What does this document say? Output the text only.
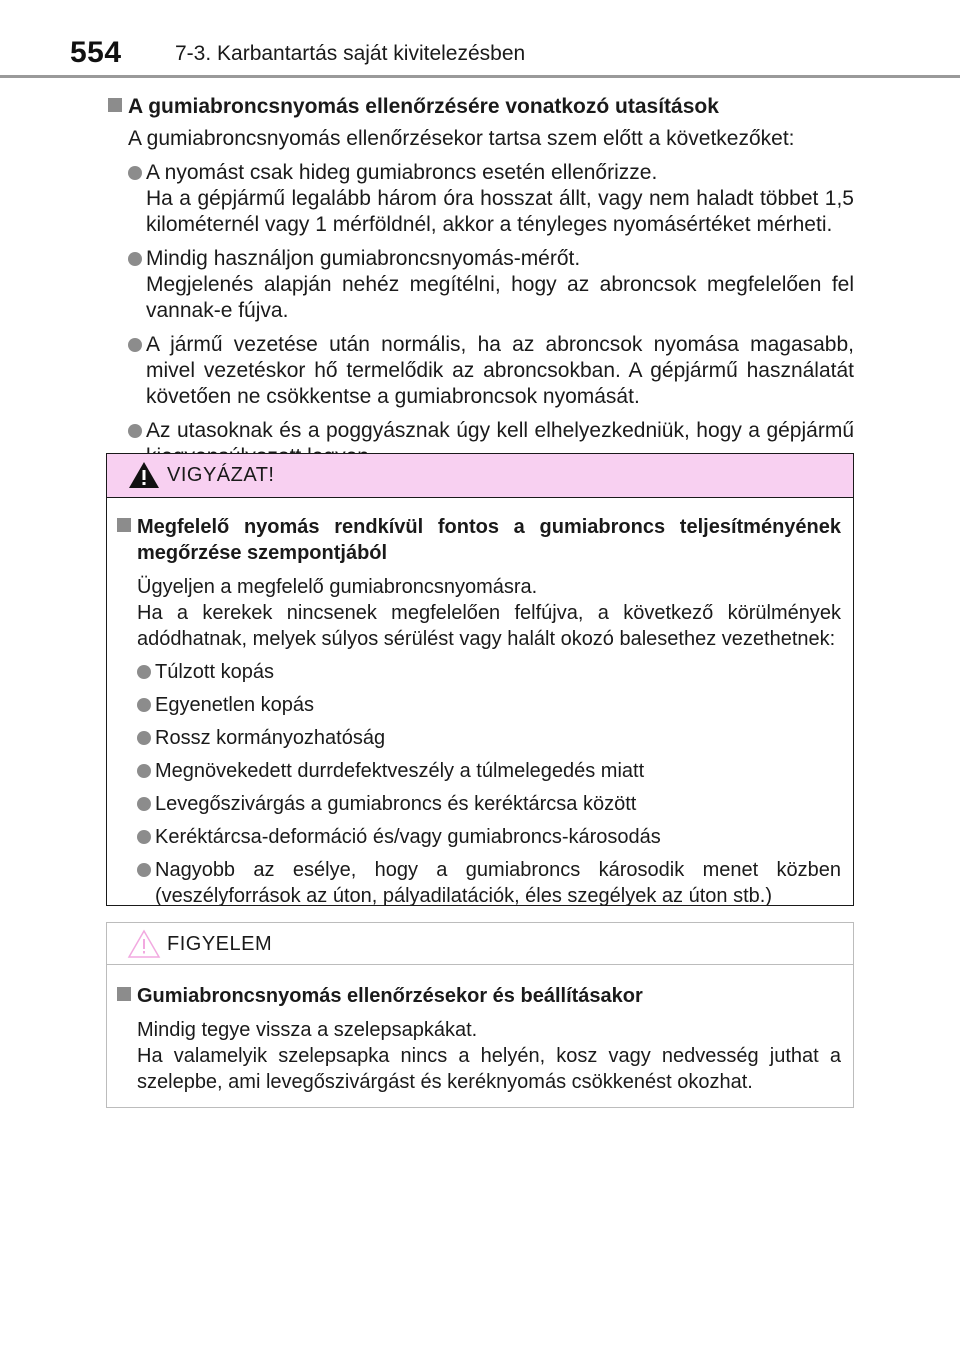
554	7-3. Karbantartás saját kivitelezésben
A gumiabroncsnyomás ellenőrzésére vonatkozó utasítások
A gumiabroncsnyomás ellenőrzésekor tartsa szem előtt a következőket:
A nyomást csak hideg gumiabroncs esetén ellenőrizze.
Ha a gépjármű legalább három óra hosszat állt, vagy nem haladt többet 1,5 kilométernél vagy 1 mérföldnél, akkor a tényleges nyomásértéket mérheti.
Mindig használjon gumiabroncsnyomás-mérőt.
Megjelenés alapján nehéz megítélni, hogy az abroncsok megfelelően fel vannak-e fújva.
A jármű vezetése után normális, ha az abroncsok nyomása magasabb, mivel vezetéskor hő termelődik az abroncsokban. A gépjármű használatát követően ne csökkentse a gumiabroncsok nyomását.
Az utasoknak és a poggyásznak úgy kell elhelyezkedniük, hogy a gépjármű
VIGYÁZAT!
Megfelelő nyomás rendkívül fontos a gumiabroncs teljesítményének
megőrzése szempontjából
Ügyeljen a megfelelő gumiabroncsnyomásra.
Ha a kerekek nincsenek megfelelően felfújva, a következő körülmények adódhatnak, melyek súlyos sérülést vagy halált okozó balesethez vezethetnek:
Túlzott kopás
Egyenetlen kopás
Rossz kormányozhatóság
Megnövekedett durrdefektveszély a túlmelegedés miatt
Levegőszivárgás a gumiabroncs és keréktárcsa között
Keréktárcsa-deformáció és/vagy gumiabroncs-károsodás
Nagyobb az esélye, hogy a gumiabroncs károsodik menet közben (veszélyforrások az úton, pályadilatációk, éles szegélyek az úton stb.)
FIGYELEM
Gumiabroncsnyomás ellenőrzésekor és beállításakor
Mindig tegye vissza a szelepsapkákat.
Ha valamelyik szelepsapka nincs a helyén, kosz vagy nedvesség juthat a szelepbe, ami levegőszivárgást és keréknyomás csökkenést okozhat.
